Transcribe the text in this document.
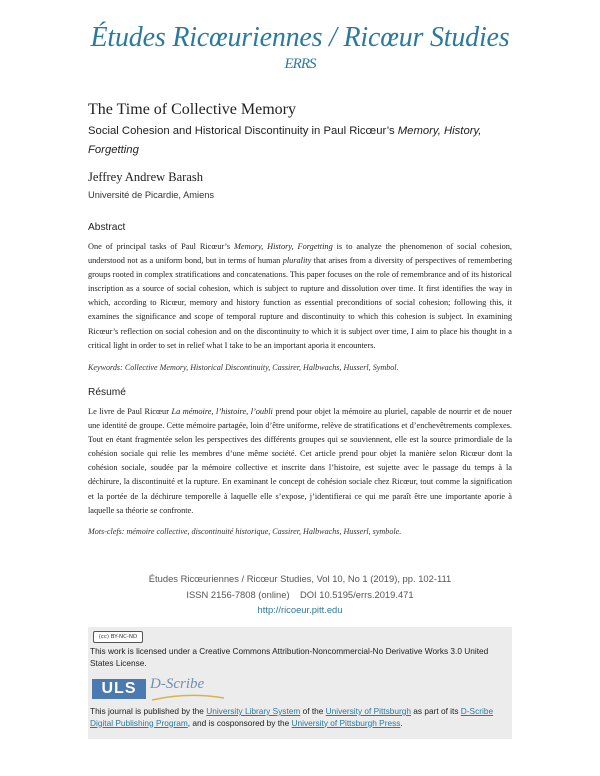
Études Ricœuriennes / Ricœur Studies
ERRS
The Time of Collective Memory
Social Cohesion and Historical Discontinuity in Paul Ricœur’s Memory, History, Forgetting
Jeffrey Andrew Barash
Université de Picardie, Amiens
Abstract
One of principal tasks of Paul Ricœur’s Memory, History, Forgetting is to analyze the phenomenon of social cohesion, understood not as a uniform bond, but in terms of human plurality that arises from a diversity of perspectives of remembering groups rooted in complex stratifications and concatenations. This paper focuses on the role of remembrance and of its historical inscription as a source of social cohesion, which is subject to rupture and dissolution over time. It first identifies the way in which, according to Ricœur, memory and history function as essential preconditions of social cohesion; following this, it examines the significance and scope of temporal rupture and discontinuity to which this cohesion is subject. In examining Ricœur’s reflection on social cohesion and on the discontinuity to which it is subject over time, I aim to place his thought in a critical light in order to set in relief what I take to be an important aporia it encounters.
Keywords: Collective Memory, Historical Discontinuity, Cassirer, Halbwachs, Husserl, Symbol.
Résumé
Le livre de Paul Ricœur La mémoire, l’histoire, l’oubli prend pour objet la mémoire au pluriel, capable de nourrir et de nouer une identité de groupe. Cette mémoire partagée, loin d’être uniforme, relève de stratifications et d’enchevêtrements complexes. Tout en étant fragmentée selon les perspectives des différents groupes qui se souviennent, elle est la source primordiale de la cohésion sociale qui relie les membres d’une même société. Cet article prend pour objet la manière selon Ricœur dont la cohésion sociale, soudée par la mémoire collective et inscrite dans l’histoire, est sujette avec le passage du temps à la déchirure, la discontinuité et la rupture. En examinant le concept de cohésion sociale chez Ricœur, tout comme la signification et la portée de la déchirure temporelle à laquelle elle s’expose, j’identifierai ce qui me paraît être une importante aporie à laquelle sa théorie se confronte.
Mots-clefs: mémoire collective, discontinuité historique, Cassirer, Halbwachs, Husserl, symbole.
Études Ricœuriennes / Ricœur Studies, Vol 10, No 1 (2019), pp. 102-111
ISSN 2156-7808 (online)    DOI 10.5195/errs.2019.471
http://ricoeur.pitt.edu
(cc) BY-NC-ND
This work is licensed under a Creative Commons Attribution-Noncommercial-No Derivative Works 3.0 United States License.
ULS D-Scribe
This journal is published by the University Library System of the University of Pittsburgh as part of its D-Scribe Digital Publishing Program, and is cosponsored by the University of Pittsburgh Press.
